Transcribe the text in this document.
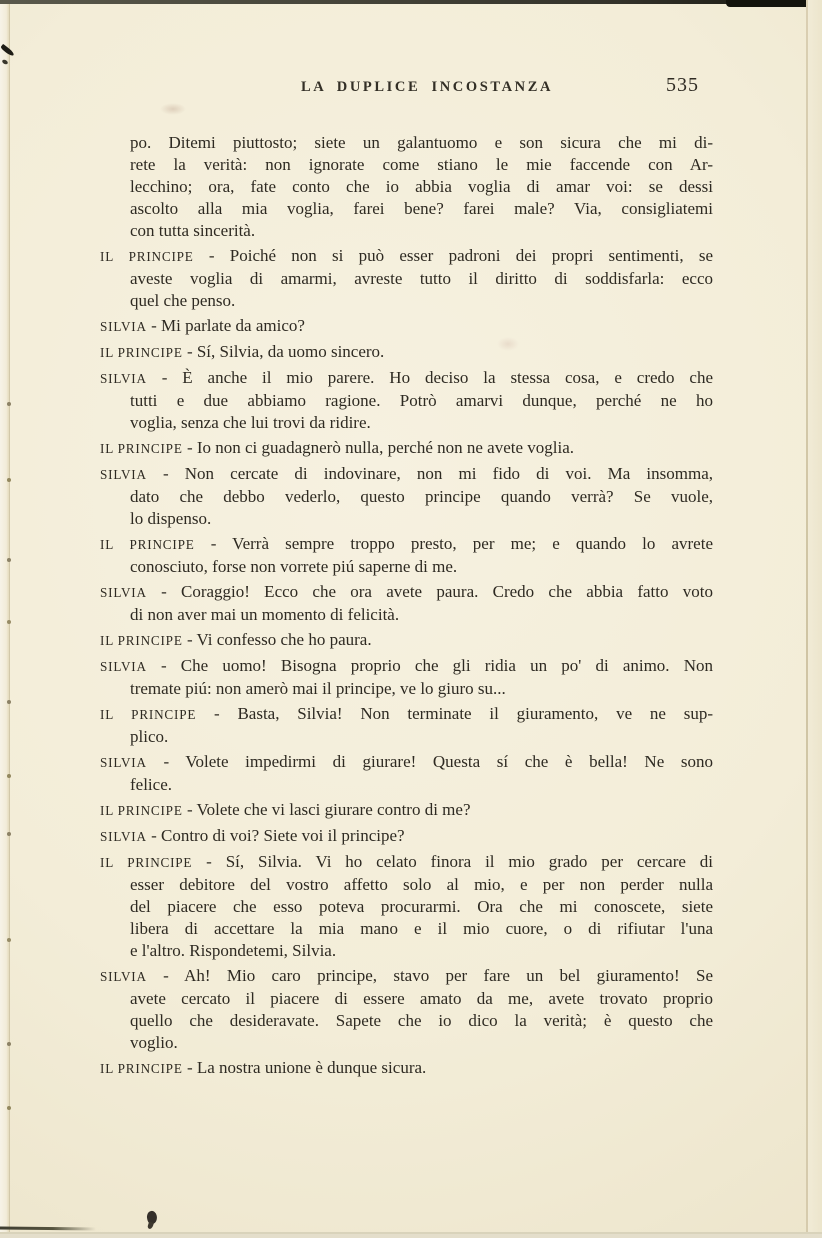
LA DUPLICE INCOSTANZA	535
po. Ditemi piuttosto; siete un galantuomo e son sicura che mi di-
rete la verità: non ignorate come stiano le mie faccende con Ar-
lecchino; ora, fate conto che io abbia voglia di amar voi: se dessi
ascolto alla mia voglia, farei bene? farei male? Via, consigliatemi
con tutta sincerità.
IL PRINCIPE - Poiché non si può esser padroni dei propri sentimenti, se
aveste voglia di amarmi, avreste tutto il diritto di soddisfarla: ecco
quel che penso.
SILVIA - Mi parlate da amico?
IL PRINCIPE - Sí, Silvia, da uomo sincero.
SILVIA - È anche il mio parere. Ho deciso la stessa cosa, e credo che
tutti e due abbiamo ragione. Potrò amarvi dunque, perché ne ho
voglia, senza che lui trovi da ridire.
IL PRINCIPE - Io non ci guadagnerò nulla, perché non ne avete voglia.
SILVIA - Non cercate di indovinare, non mi fido di voi. Ma insomma,
dato che debbo vederlo, questo principe quando verrà? Se vuole,
lo dispenso.
IL PRINCIPE - Verrà sempre troppo presto, per me; e quando lo avrete
conosciuto, forse non vorrete piú saperne di me.
SILVIA - Coraggio! Ecco che ora avete paura. Credo che abbia fatto voto
di non aver mai un momento di felicità.
IL PRINCIPE - Vi confesso che ho paura.
SILVIA - Che uomo! Bisogna proprio che gli ridia un po' di animo. Non
tremate piú: non amerò mai il principe, ve lo giuro su...
IL PRINCIPE - Basta, Silvia! Non terminate il giuramento, ve ne sup-
plico.
SILVIA - Volete impedirmi di giurare! Questa sí che è bella! Ne sono
felice.
IL PRINCIPE - Volete che vi lasci giurare contro di me?
SILVIA - Contro di voi? Siete voi il principe?
IL PRINCIPE - Sí, Silvia. Vi ho celato finora il mio grado per cercare di
esser debitore del vostro affetto solo al mio, e per non perder nulla
del piacere che esso poteva procurarmi. Ora che mi conoscete, siete
libera di accettare la mia mano e il mio cuore, o di rifiutar l'una
e l'altro. Rispondetemi, Silvia.
SILVIA - Ah! Mio caro principe, stavo per fare un bel giuramento! Se
avete cercato il piacere di essere amato da me, avete trovato proprio
quello che desideravate. Sapete che io dico la verità; è questo che
voglio.
IL PRINCIPE - La nostra unione è dunque sicura.
